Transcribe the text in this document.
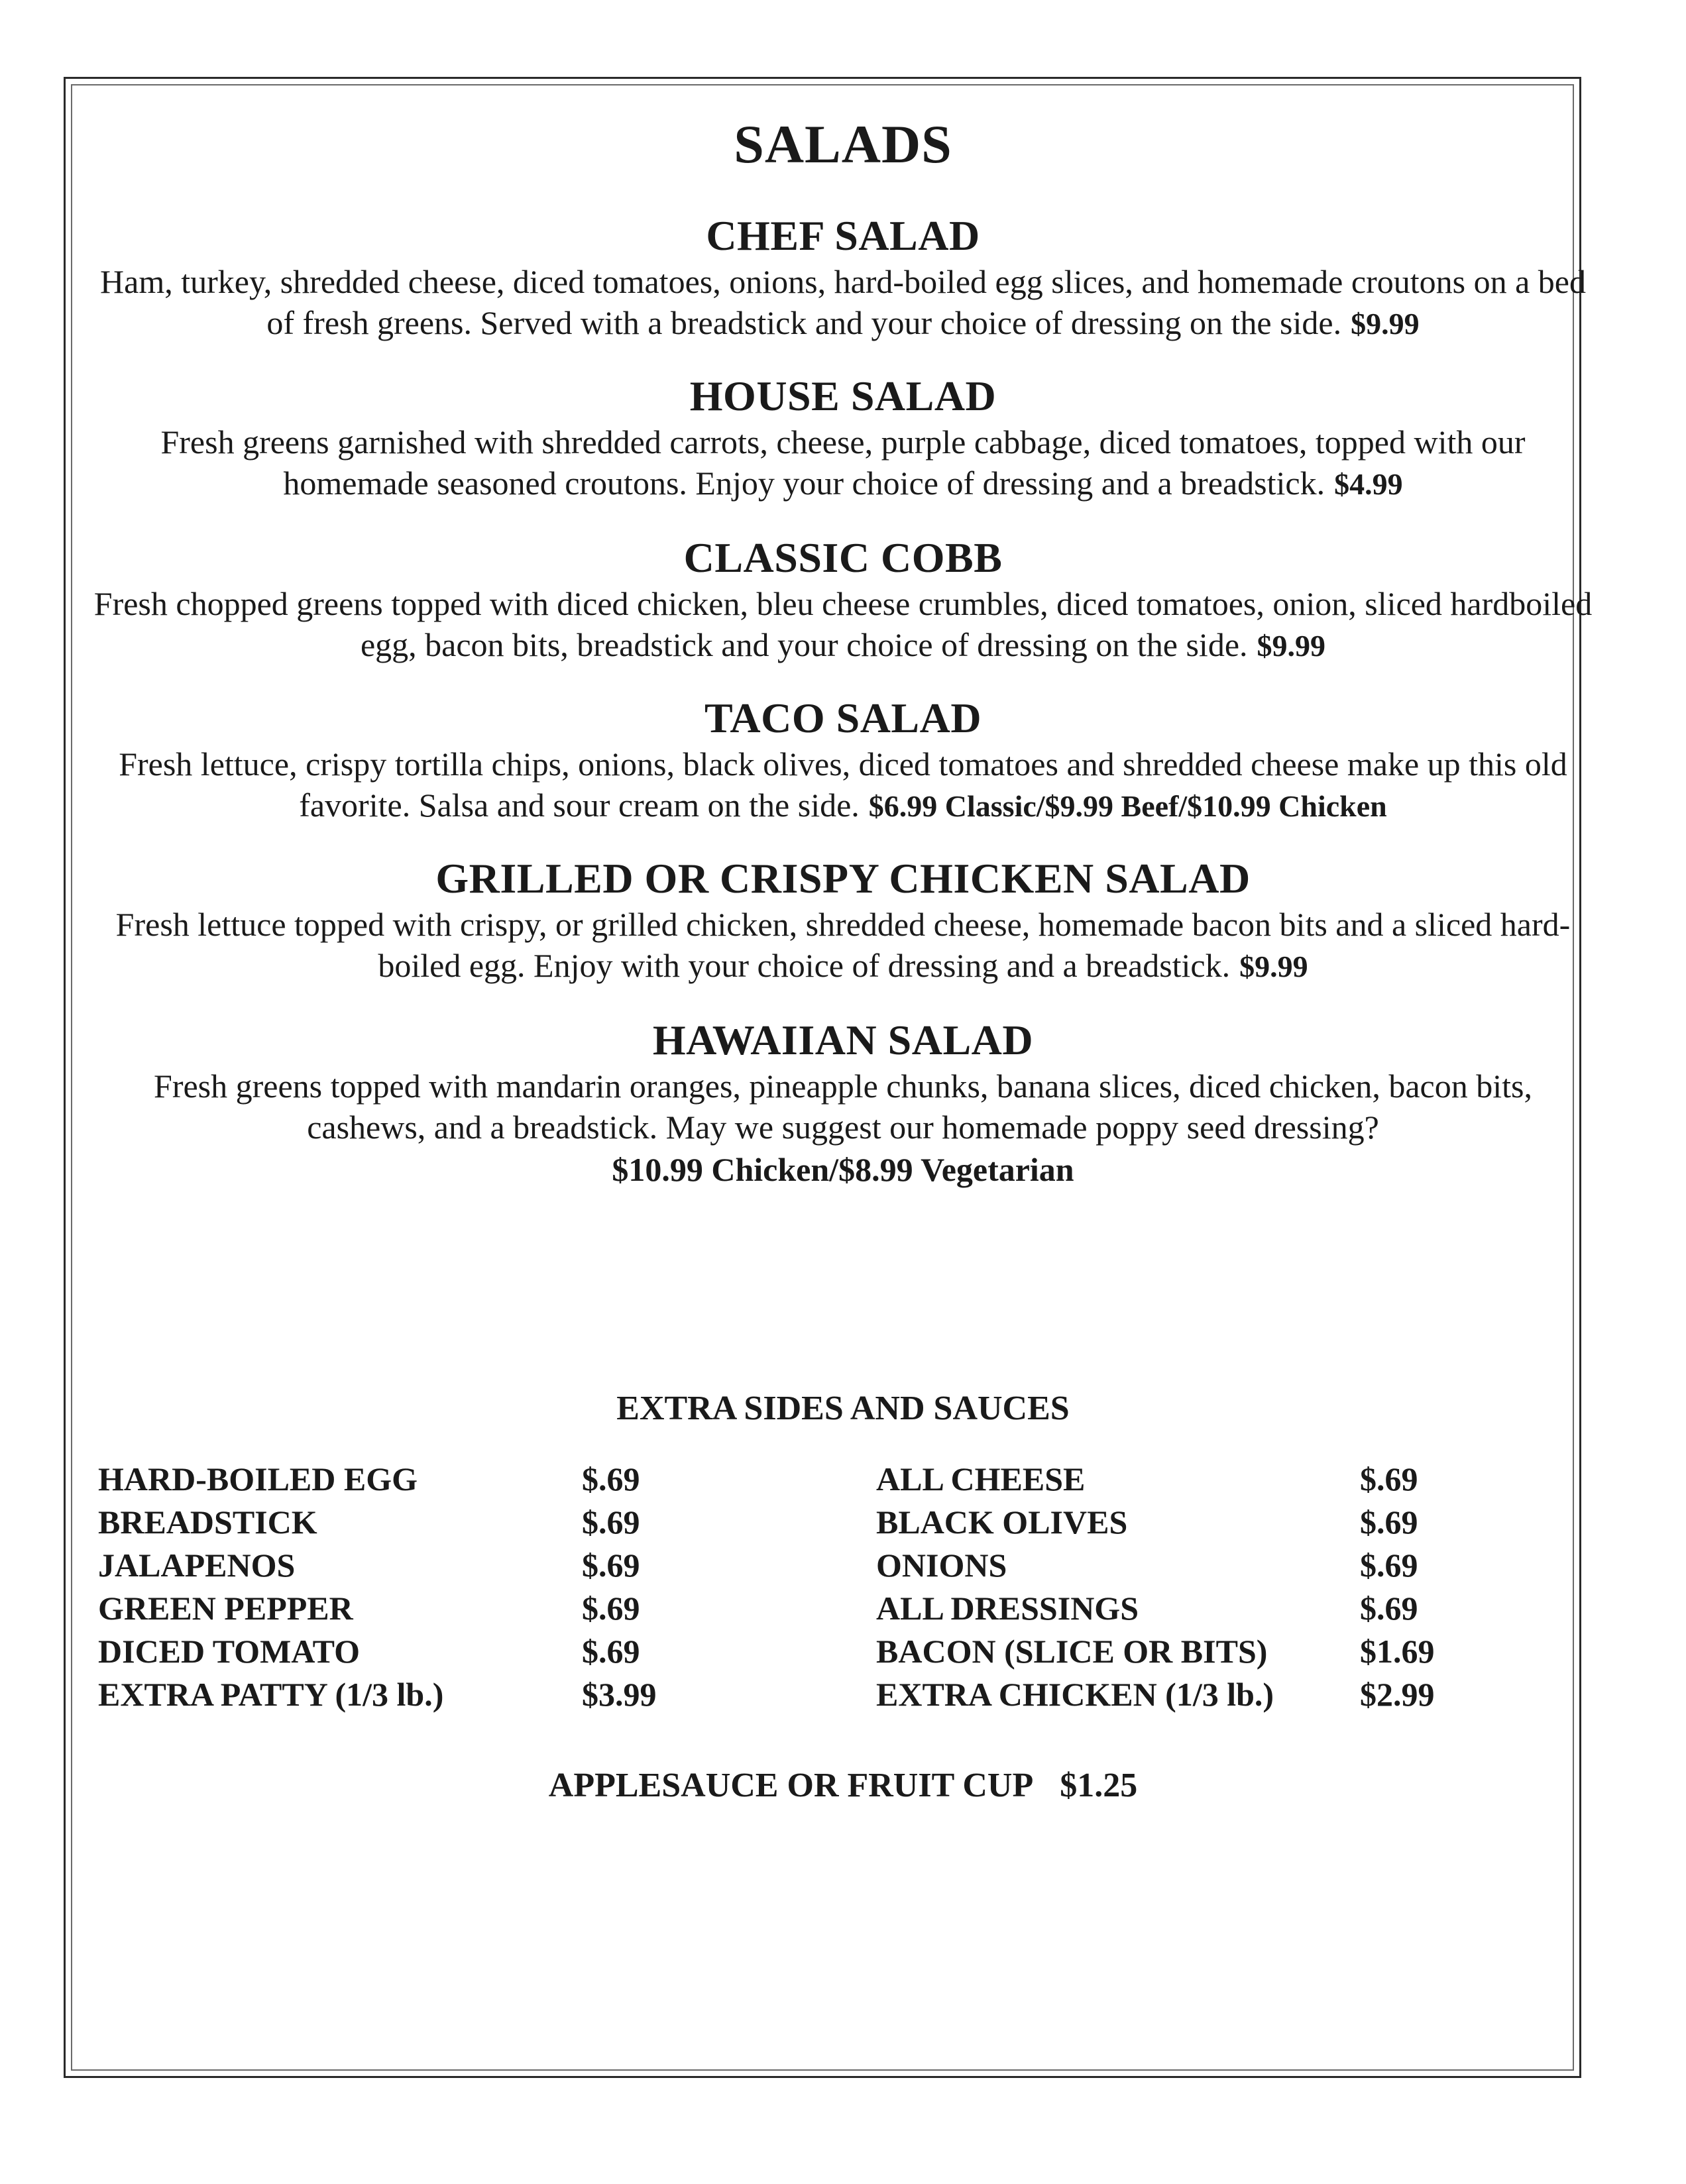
SALADS
CHEF SALAD
Ham, turkey, shredded cheese, diced tomatoes, onions, hard-boiled egg slices, and homemade croutons on a bed of fresh greens. Served with a breadstick and your choice of dressing on the side. $9.99
HOUSE SALAD
Fresh greens garnished with shredded carrots, cheese, purple cabbage, diced tomatoes, topped with our homemade seasoned croutons. Enjoy your choice of dressing and a breadstick. $4.99
CLASSIC COBB
Fresh chopped greens topped with diced chicken, bleu cheese crumbles, diced tomatoes, onion, sliced hardboiled egg, bacon bits, breadstick and your choice of dressing on the side. $9.99
TACO SALAD
Fresh lettuce, crispy tortilla chips, onions, black olives, diced tomatoes and shredded cheese make up this old favorite. Salsa and sour cream on the side. $6.99 Classic/$9.99 Beef/$10.99 Chicken
GRILLED OR CRISPY CHICKEN SALAD
Fresh lettuce topped with crispy, or grilled chicken, shredded cheese, homemade bacon bits and a sliced hard-boiled egg. Enjoy with your choice of dressing and a breadstick. $9.99
HAWAIIAN SALAD
Fresh greens topped with mandarin oranges, pineapple chunks, banana slices, diced chicken, bacon bits, cashews, and a breadstick. May we suggest our homemade poppy seed dressing?
$10.99 Chicken/$8.99 Vegetarian
EXTRA SIDES AND SAUCES
HARD-BOILED EGG	$.69
BREADSTICK	$.69
JALAPENOS	$.69
GREEN PEPPER	$.69
DICED TOMATO	$.69
EXTRA PATTY (1/3 lb.)	$3.99
ALL CHEESE	$.69
BLACK OLIVES	$.69
ONIONS	$.69
ALL DRESSINGS	$.69
BACON (SLICE OR BITS)	$1.69
EXTRA CHICKEN (1/3 lb.)	$2.99
APPLESAUCE OR FRUIT CUP $1.25
